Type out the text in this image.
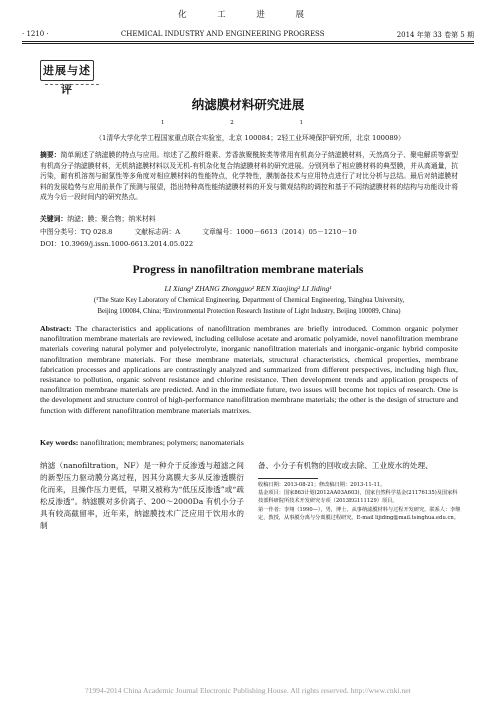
化 工 进 展
· 1210 ·	CHEMICAL INDUSTRY AND ENGINEERING PROGRESS	2014 年第 33 卷第 5 期
进展与述评
纳滤膜材料研究进展
1	2	1
（1清华大学化学工程国家重点联合实验室，北京 100084；2轻工业环境保护研究所，北京 100089）
摘要：简单阐述了纳滤膜的特点与应用。综述了乙酸纤维素、芳香族聚酰胺类等常用有机高分子纳滤膜材料，天然高分子、聚电解质等新型有机高分子纳滤膜材料，无机纳滤膜材料以及无机-有机杂化复合纳滤膜材料的研究进展。分别列举了相应膜材料的典型膜，并从高通量，抗污染，耐有机溶剂与耐氯性等多角度对相应膜材料的性能特点，化学特性，膜制备技术与应用特点进行了对比分析与总结。最后对纳滤膜材料的发展趋势与应用前景作了预测与展望，指出特种高性能纳滤膜材料的开发与微观结构的调控和基于不同纳滤膜材料的结构与功能设计将成为今后一段时间内的研究热点。
关键词：纳滤；膜；聚合物；纳米材料
中图分类号：TQ 028.8	文献标志码：A	文章编号：1000－6613（2014）05－1210－10
DOI：10.3969/j.issn.1000-6613.2014.05.022
Progress in nanofiltration membrane materials
LI Xiang¹ ZHANG Zhongguo² REN Xiaojing² LI Jiding¹
(¹The State Key Laboratory of Chemical Engineering, Department of Chemical Engineering, Tsinghua University,
Beijing 100084, China; ²Environmental Protection Research Institute of Light Industry, Beijing 100089, China)
Abstract: The characteristics and applications of nanofiltration membranes are briefly introduced. Common organic polymer nanofiltration membrane materials are reviewed, including cellulose acetate and aromatic polyamide, novel nanofiltration membrane materials covering natural polymer and polyelectrolyte, inorganic nanofiltration materials and inorganic-organic hybrid composite nanofiltration membrane materials. For these membrane materials, structural characteristics, chemical properties, membrane fabrication processes and applications are contrastingly analyzed and summarized from different perspectives, including high flux, resistance to pollution, organic solvent resistance and chlorine resistance. Then development trends and application prospects of nanofiltration membrane materials are predicted. And in the immediate future, two issues will become hot topics of research. One is the development and structure control of high-performance nanofiltration membrane materials; the other is the design of structure and function with different nanofiltration membrane materials matrixes.
Key words: nanofiltration; membranes; polymers; nanomaterials
纳滤（nanofiltration，NF）是一种介于反渗透与超滤之间的新型压力驱动膜分离过程，因其分离膜大多从反渗透膜衍化而来，且操作压力更低，早期又被称为“低压反渗透”或“疏松反渗透”。纳滤膜对多价离子、200～2000Da 有机小分子具有较高截留率，近年来，纳滤膜技术广泛应用于饮用水的制
备、小分子有机物的回收或去除、工业废水的处理、
收稿日期：2013-08-21；修改稿日期：2013-11-11。
基金项目：国家863计划(2012AA03A603)，国家自然科学基金(21176135)及国家科技部科研院所技术开发研究专项（2013EG111129）项目。
第一作者：李翔（1990—），男，博士，从事纳滤膜材料与过程开发研究。联系人：李继定，教授，从事膜分离与分离膜过程研究。E-mail lijiding@mail.tsinghua.edu.cn。
?1994-2014 China Academic Journal Electronic Publishing House. All rights reserved. http://www.cnki.net
